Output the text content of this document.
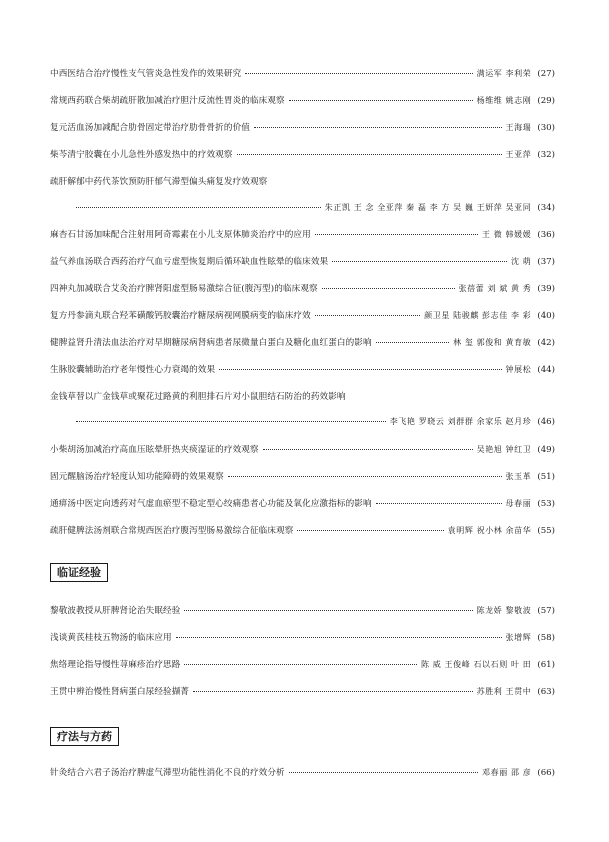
中西医结合治疗慢性支气管炎急性发作的效果研究	满运军 李利荣 (27)
常规西药联合柴胡疏肝散加减治疗胆汁反流性胃炎的临床观察	杨维维 姚志刚 (29)
复元活血汤加减配合肋骨固定带治疗肋骨骨折的价值	王海瑞 (30)
柴芩清宁胶囊在小儿急性外感发热中的疗效观察	王亚萍 (32)
疏肝解郁中药代茶饮预防肝郁气滞型偏头痛复发疗效观察
朱正凯 王 念 全亚萍 秦 磊 李 方 吴 巍 王妍萍 吴亚同 (34)
麻杏石甘汤加味配合注射用阿奇霉素在小儿支原体肺炎治疗中的应用	王 微 韩媛媛 (36)
益气养血汤联合西药治疗气血亏虚型恢复期后循环缺血性眩晕的临床效果	沈 萌 (37)
四神丸加减联合艾灸治疗脾肾阳虚型肠易激综合征(腹泻型)的临床观察	张蓓蕾 刘 斌 黄 秀 (39)
复方丹参滴丸联合羟苯磺酸钙胶囊治疗糖尿病视网膜病变的临床疗效	颜卫星 陆骏麒 彭志佳 李 彩 (40)
健脾益肾升清法血法治疗对早期糖尿病肾病患者尿微量白蛋白及糖化血红蛋白的影响	林 玺 郭俊和 黄育敏 (42)
生脉胶囊辅助治疗老年慢性心力衰竭的效果	钟展松 (44)
金钱草替以广金钱草或聚花过路黄的利胆排石片对小鼠胆结石防治的药效影响
李飞艳 罗晓云 刘群群 余家乐 赵月珍 (46)
小柴胡汤加减治疗高血压眩晕肝热夹痰湿证的疗效观察	吴艳旭 钟红卫 (49)
固元醒脑汤治疗轻度认知功能障碍的效果观察	张玉革 (51)
通痹汤中医定向透药对气虚血瘀型不稳定型心绞痛患者心功能及氧化应激指标的影响	母春丽 (53)
疏肝健脾法汤剂联合常规西医治疗腹泻型肠易激综合征临床观察	袁明辉 祝小林 余苗华 (55)
临证经验
黎敬波教授从肝脾肾论治失眠经验	陈龙娇 黎敬波 (57)
浅谈黄芪桂枝五物汤的临床应用	张增辉 (58)
焦络理论指导慢性荨麻疹治疗思路	陈 威 王俊峰 石以石则 叶 田 (61)
王贯中辨治慢性肾病蛋白尿经验撷菁	苏胜利 王贯中 (63)
疗法与方药
针灸结合六君子汤治疗脾虚气滞型功能性消化不良的疗效分析	邓春丽 邵 彦 (66)
